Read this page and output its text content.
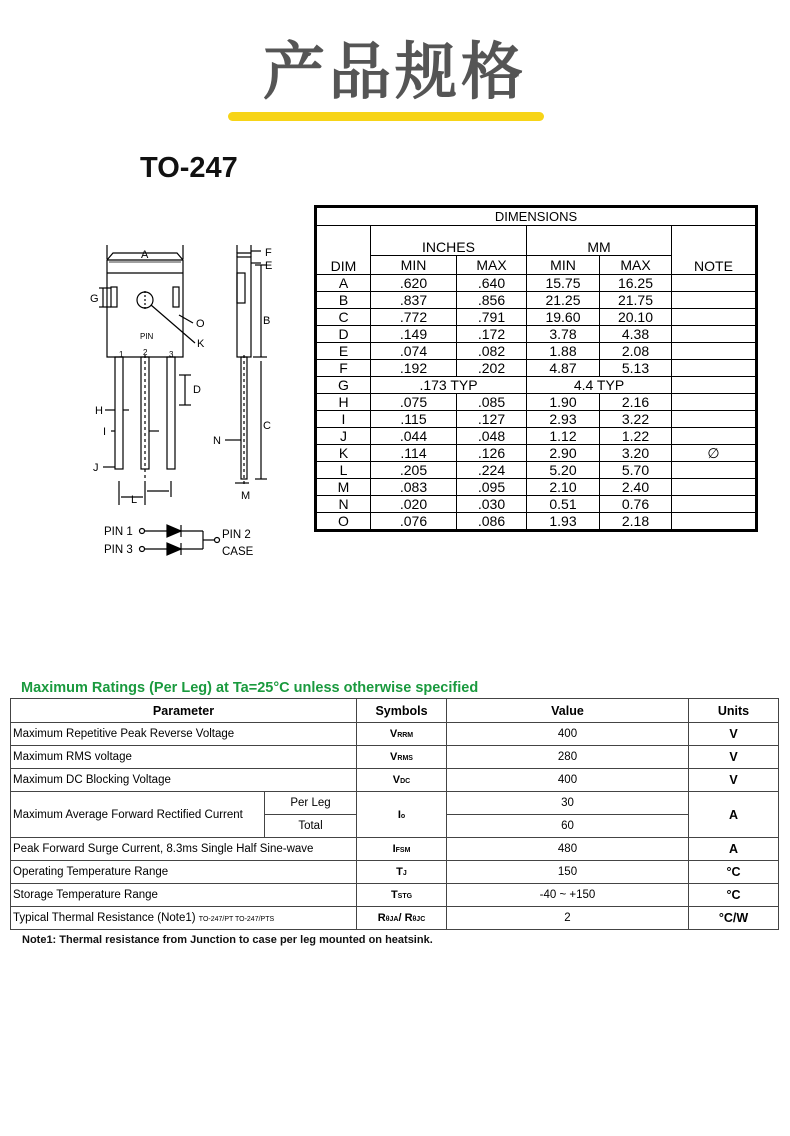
产品规格
TO-247
A	F
E
G
O	B
K
D
H
I	C
N
J
L	M
PIN
1 2	3
PIN 1
PIN 3
PIN 2
CASE
DIMENSIONS					
DIM	INCHES		MM		NOTE
	MIN	MAX	MIN	MAX	
A	.620	.640	15.75	16.25	
B	.837	.856	21.25	21.75	
C	.772	.791	19.60	20.10	
D	.149	.172	3.78	4.38	
E	.074	.082	1.88	2.08	
F	.192	.202	4.87	5.13	
G	.173 TYP		4.4 TYP		
H	.075	.085	1.90	2.16	
I	.115	.127	2.93	3.22	
J	.044	.048	1.12	1.22	
K	.114	.126	2.90	3.20	∅
L	.205	.224	5.20	5.70	
M	.083	.095	2.10	2.40	
N	.020	.030	0.51	0.76	
O	.076	.086	1.93	2.18	
Maximum Ratings (Per Leg) at Ta=25°C unless otherwise specified
Parameter		Symbols	Value	Units
Maximum Repetitive Peak Reverse Voltage		VRRM	400	V
Maximum RMS voltage		VRMS	280	V
Maximum DC Blocking Voltage		VDC	400	V
Maximum Average Forward Rectified Current	Per Leg	Io	30	A
	Total		60	
Peak Forward Surge Current, 8.3ms Single Half Sine-wave		IFSM	480	A
Operating Temperature Range		TJ	150	°C
Storage Temperature Range		TSTG	-40 ~ +150	°C
Typical Thermal Resistance (Note1) TO-247/PT TO-247/PTS		RθJA/ RθJC	2	°C/W
Note1: Thermal resistance from Junction to case per leg mounted on heatsink.
